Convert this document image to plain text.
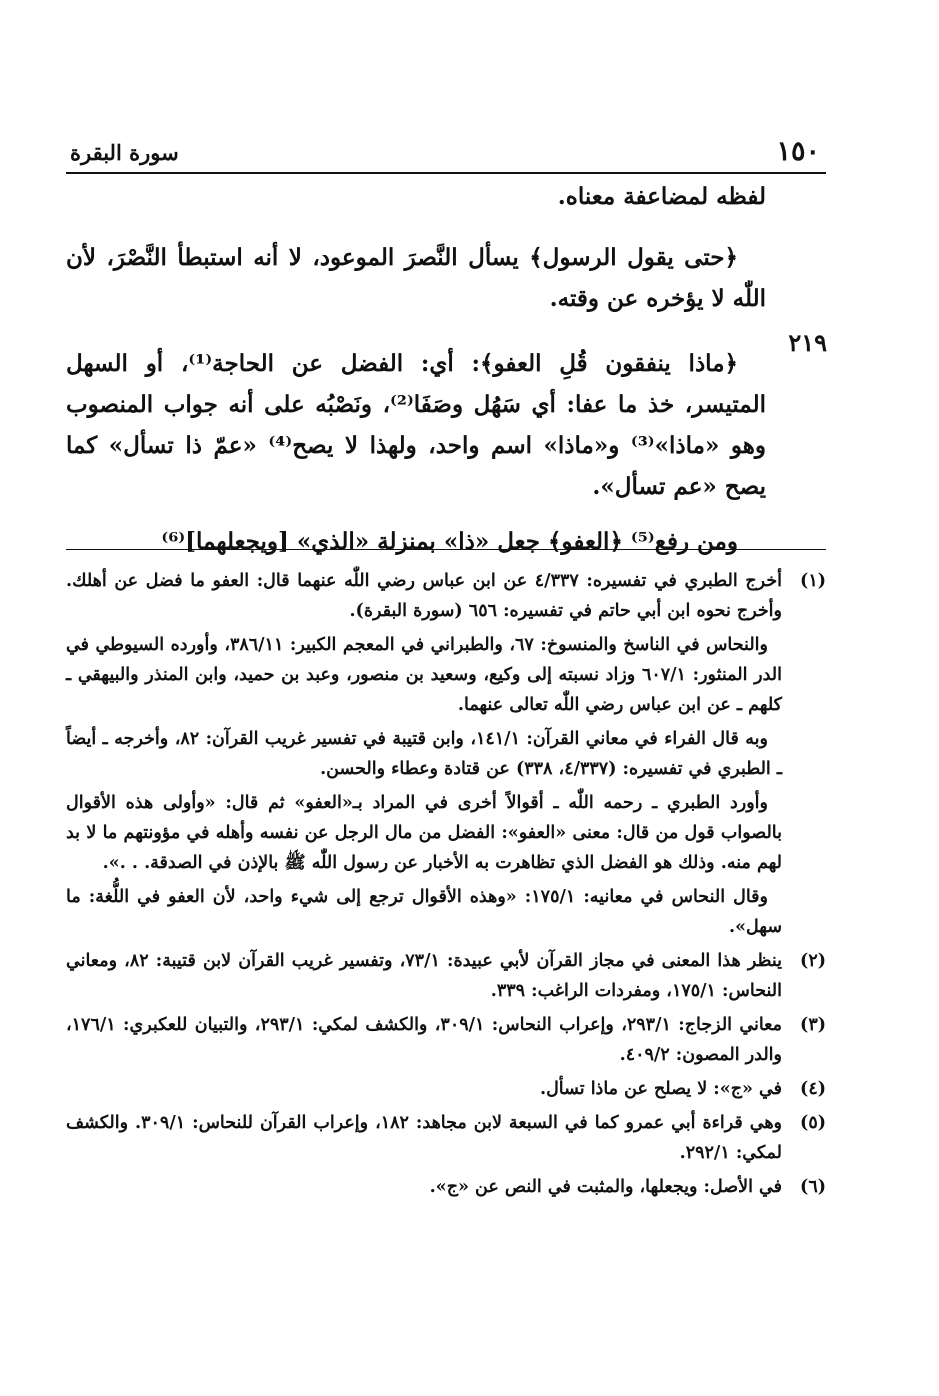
١٥٠
سورة البقرة
٢١٩

لفظه لمضاعفة معناه.

﴿حتى يقول الرسول﴾ يسأل النَّصرَ الموعود، لا أنه استبطأ النَّصْرَ، لأن اللّٰه لا يؤخره عن وقته.

﴿ماذا ينفقون قُلِ العفو﴾: أي: الفضل عن الحاجة⁽¹⁾، أو السهل المتيسر، خذ ما عفا: أي سَهُل وصَفَا⁽²⁾، ونَصْبُه على أنه جواب المنصوب وهو «ماذا»⁽³⁾ و«ماذا» اسم واحد، ولهذا لا يصح⁽⁴⁾ «عمّ ذا تسأل» كما يصح «عم تسأل».

ومن رفع⁽⁵⁾ ﴿العفو﴾ جعل «ذا» بمنزلة «الذي» [ويجعلهما]⁽⁶⁾

(١)

أخرج الطبري في تفسيره: ٤/٣٣٧ عن ابن عباس رضي اللّٰه عنهما قال: العفو ما فضل عن أهلك. وأخرج نحوه ابن أبي حاتم في تفسيره: ٦٥٦ (سورة البقرة).

والنحاس في الناسخ والمنسوخ: ٦٧، والطبراني في المعجم الكبير: ٣٨٦/١١، وأورده السيوطي في الدر المنثور: ٦٠٧/١ وزاد نسبته إلى وكيع، وسعيد بن منصور، وعبد بن حميد، وابن المنذر والبيهقي ـ كلهم ـ عن ابن عباس رضي اللّٰه تعالى عنهما.

وبه قال الفراء في معاني القرآن: ١٤١/١، وابن قتيبة في تفسير غريب القرآن: ٨٢، وأخرجه ـ أيضاً ـ الطبري في تفسيره: (٤/٣٣٧، ٣٣٨) عن قتادة وعطاء والحسن.

وأورد الطبري ـ رحمه اللّٰه ـ أقوالاً أخرى في المراد بـ«العفو» ثم قال: «وأولى هذه الأقوال بالصواب قول من قال: معنى «العفو»: الفضل من مال الرجل عن نفسه وأهله في مؤونتهم ما لا بد لهم منه. وذلك هو الفضل الذي تظاهرت به الأخبار عن رسول اللّٰه ﷺ بالإذن في الصدقة. . .».

وقال النحاس في معانيه: ١٧٥/١: «وهذه الأقوال ترجع إلى شيء واحد، لأن العفو في اللُّغة: ما سهل».

(٢)

ينظر هذا المعنى في مجاز القرآن لأبي عبيدة: ٧٣/١، وتفسير غريب القرآن لابن قتيبة: ٨٢، ومعاني النحاس: ١٧٥/١، ومفردات الراغب: ٣٣٩.

(٣)

معاني الزجاج: ٢٩٣/١، وإعراب النحاس: ٣٠٩/١، والكشف لمكي: ٢٩٣/١، والتبيان للعكبري: ١٧٦/١، والدر المصون: ٤٠٩/٢.

(٤)

في «ج»: لا يصلح عن ماذا تسأل.

(٥)

وهي قراءة أبي عمرو كما في السبعة لابن مجاهد: ١٨٢، وإعراب القرآن للنحاس: ٣٠٩/١. والكشف لمكي: ٢٩٢/١.

(٦)

في الأصل: ويجعلها، والمثبت في النص عن «ج».
